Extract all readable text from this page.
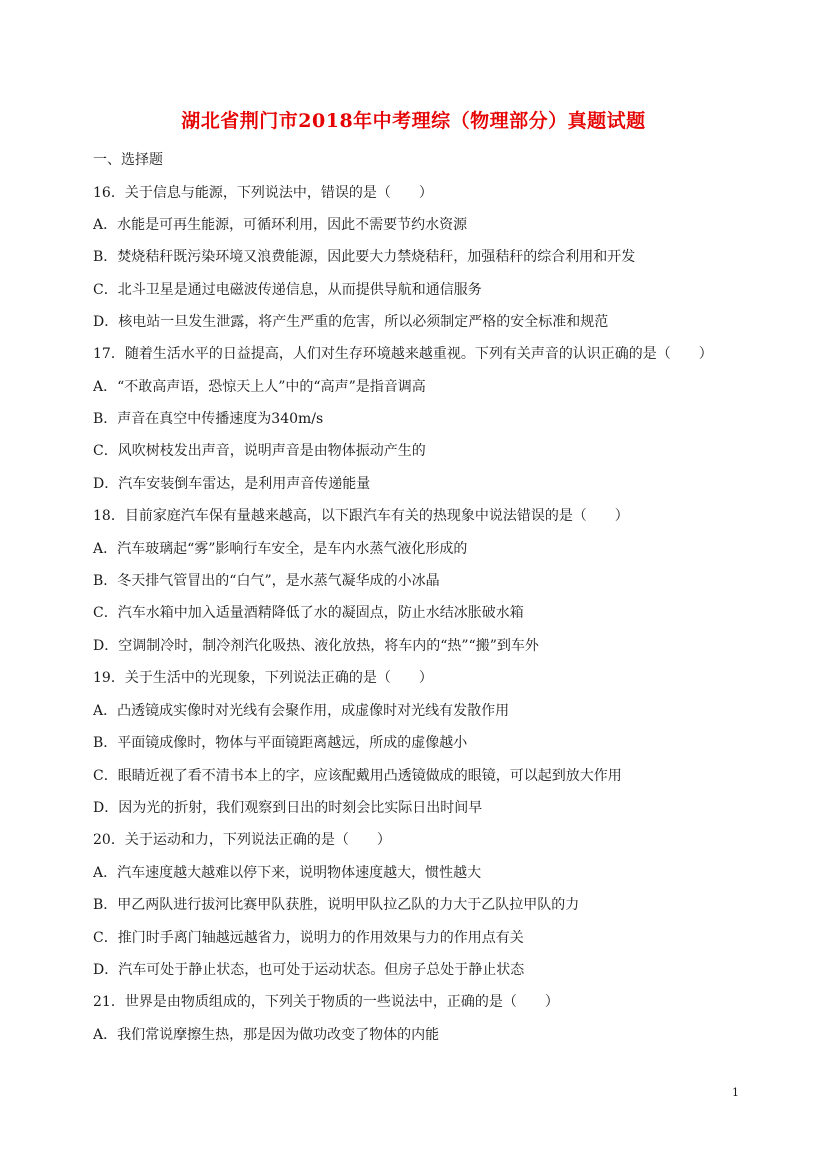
湖北省荆门市2018年中考理综（物理部分）真题试题
一、选择题
16．关于信息与能源，下列说法中，错误的是（　　）
A．水能是可再生能源，可循环利用，因此不需要节约水资源
B．焚烧秸秆既污染环境又浪费能源，因此要大力禁烧秸秆，加强秸秆的综合利用和开发
C．北斗卫星是通过电磁波传递信息，从而提供导航和通信服务
D．核电站一旦发生泄露，将产生严重的危害，所以必须制定严格的安全标准和规范
17．随着生活水平的日益提高，人们对生存环境越来越重视。下列有关声音的认识正确的是（　　）
A．“不敢高声语，恐惊天上人”中的“高声”是指音调高
B．声音在真空中传播速度为340m/s
C．风吹树枝发出声音，说明声音是由物体振动产生的
D．汽车安装倒车雷达，是利用声音传递能量
18．目前家庭汽车保有量越来越高，以下跟汽车有关的热现象中说法错误的是（　　）
A．汽车玻璃起“雾”影响行车安全，是车内水蒸气液化形成的
B．冬天排气管冒出的“白气”，是水蒸气凝华成的小冰晶
C．汽车水箱中加入适量酒精降低了水的凝固点，防止水结冰胀破水箱
D．空调制冷时，制冷剂汽化吸热、液化放热，将车内的“热”“搬”到车外
19．关于生活中的光现象，下列说法正确的是（　　）
A．凸透镜成实像时对光线有会聚作用，成虚像时对光线有发散作用
B．平面镜成像时，物体与平面镜距离越远，所成的虚像越小
C．眼睛近视了看不清书本上的字，应该配戴用凸透镜做成的眼镜，可以起到放大作用
D．因为光的折射，我们观察到日出的时刻会比实际日出时间早
20．关于运动和力，下列说法正确的是（　　）
A．汽车速度越大越难以停下来，说明物体速度越大，惯性越大
B．甲乙两队进行拔河比赛甲队获胜，说明甲队拉乙队的力大于乙队拉甲队的力
C．推门时手离门轴越远越省力，说明力的作用效果与力的作用点有关
D．汽车可处于静止状态，也可处于运动状态。但房子总处于静止状态
21．世界是由物质组成的，下列关于物质的一些说法中，正确的是（　　）
A．我们常说摩擦生热，那是因为做功改变了物体的内能
1
